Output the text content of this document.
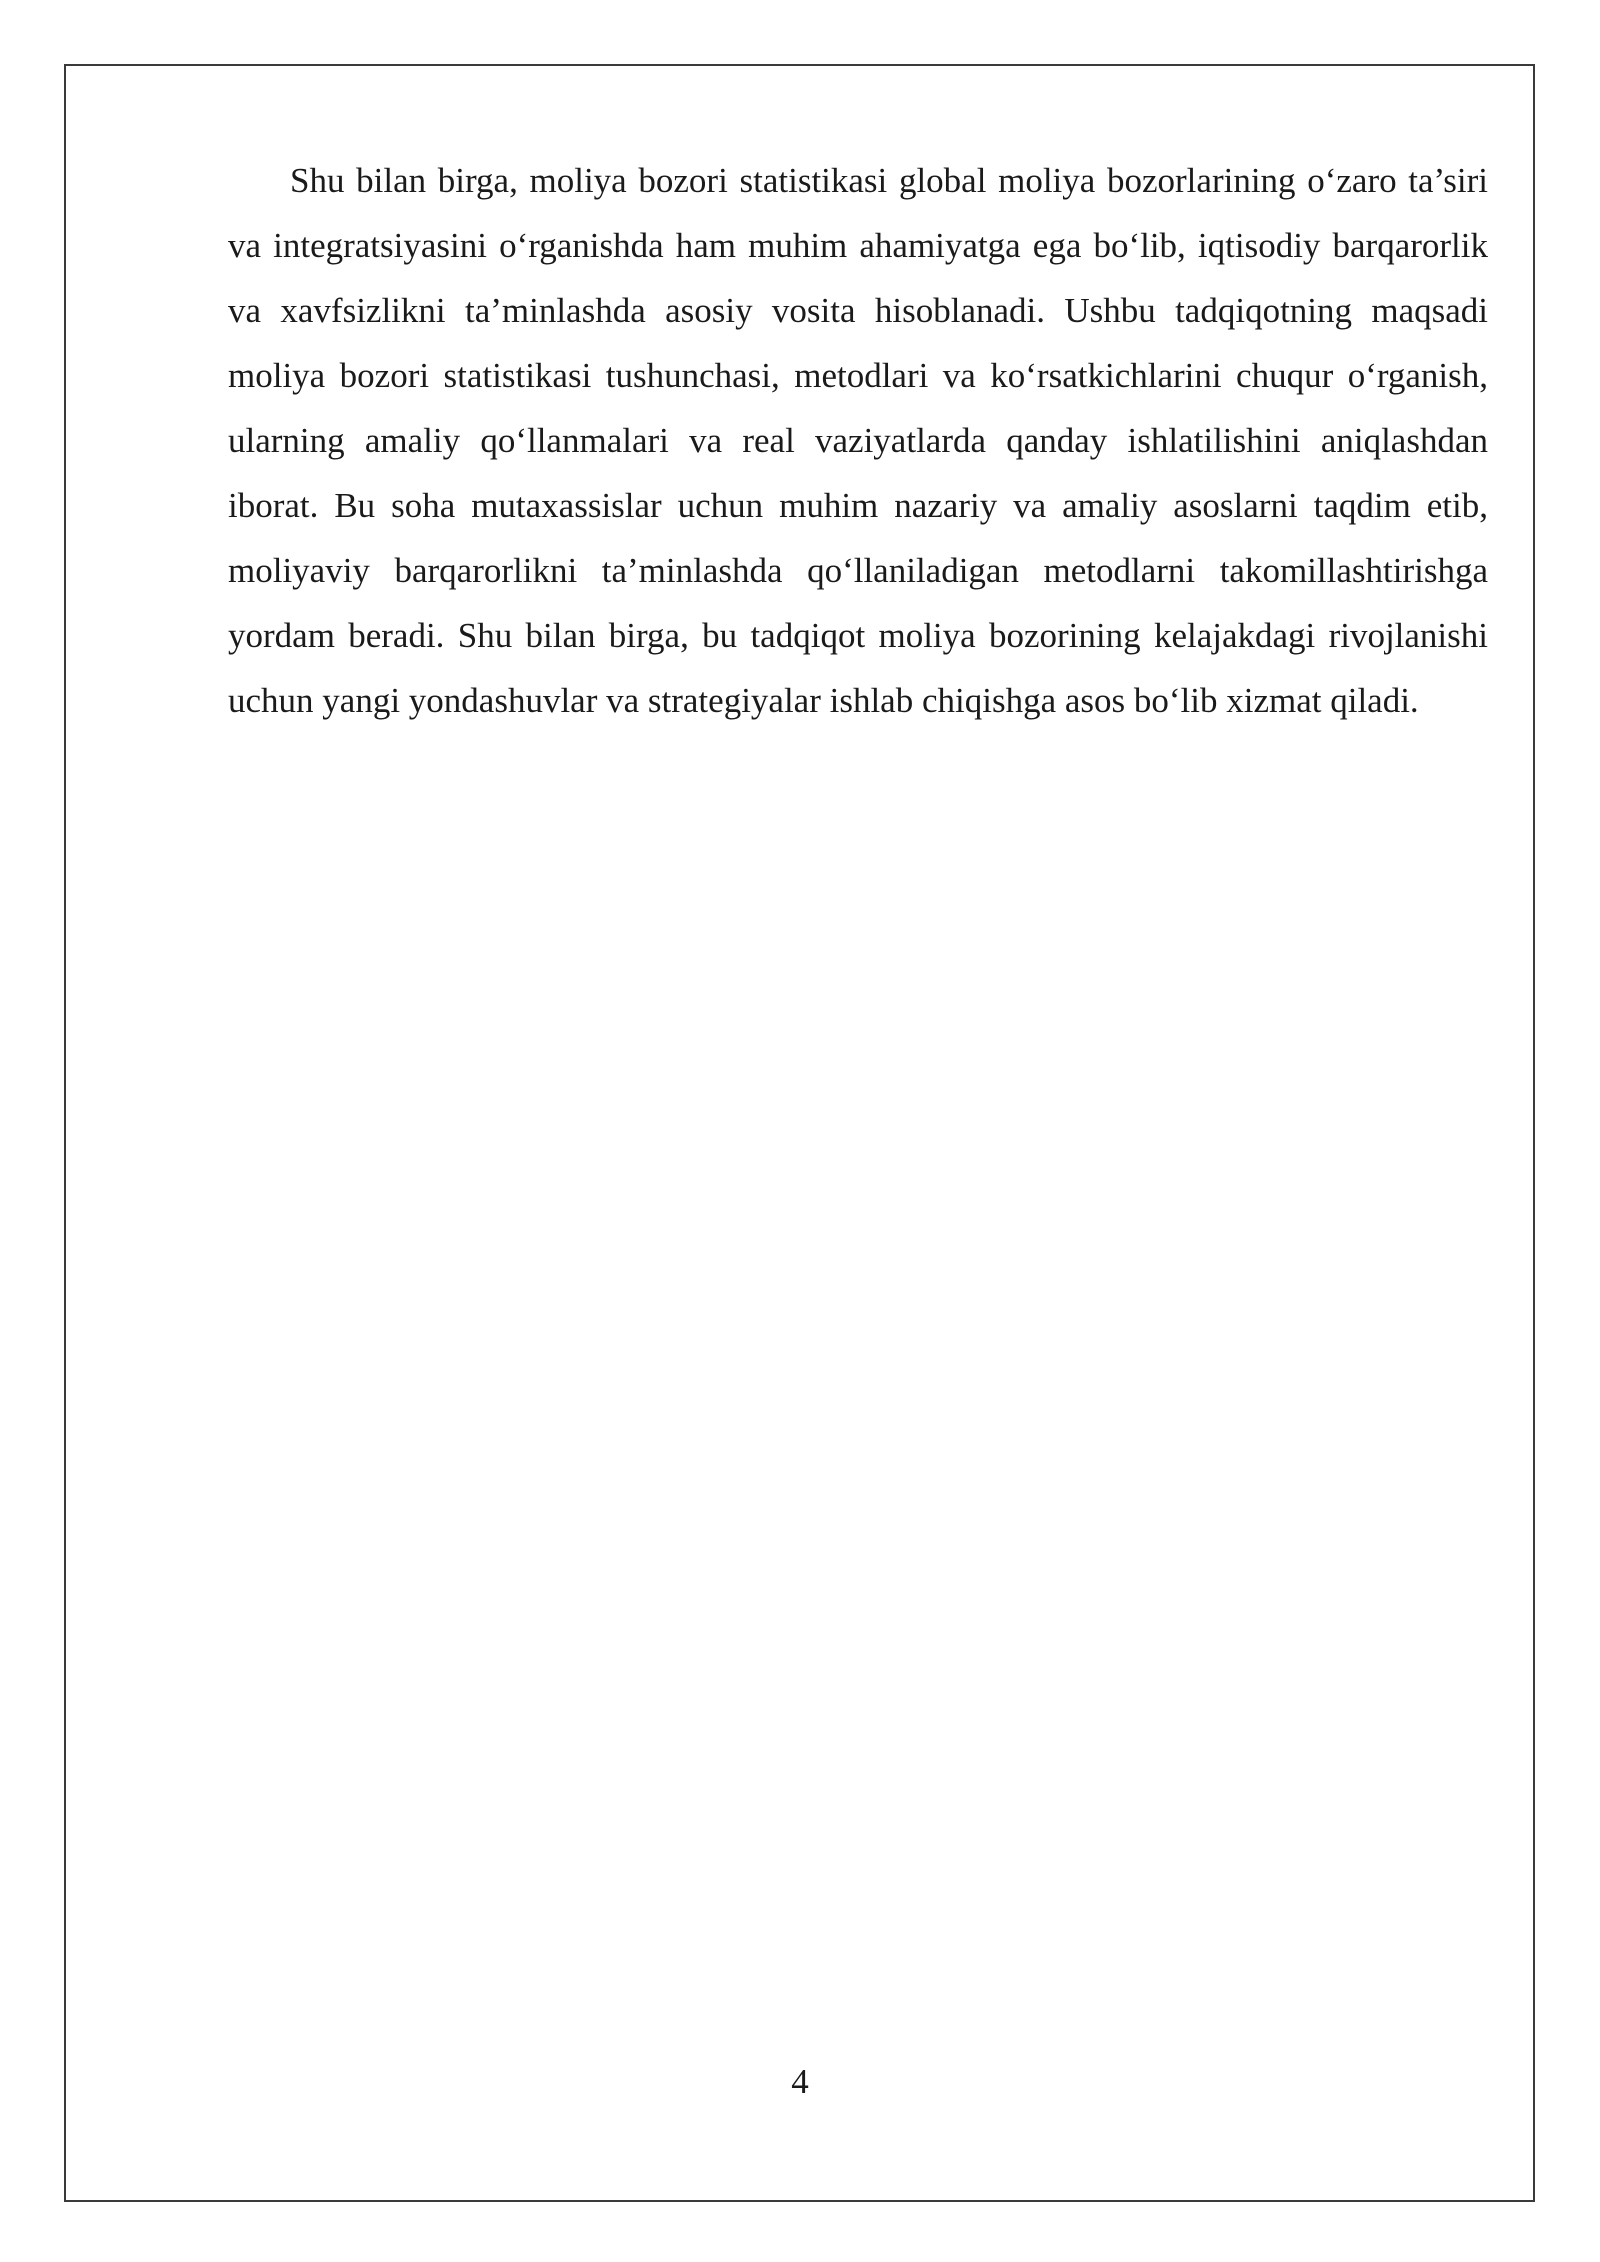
Shu bilan birga, moliya bozori statistikasi global moliya bozorlarining o‘zaro ta’siri va integratsiyasini o‘rganishda ham muhim ahamiyatga ega bo‘lib, iqtisodiy barqarorlik va xavfsizlikni ta’minlashda asosiy vosita hisoblanadi. Ushbu tadqiqotning maqsadi moliya bozori statistikasi tushunchasi, metodlari va ko‘rsatkichlarini chuqur o‘rganish, ularning amaliy qo‘llanmalari va real vaziyatlarda qanday ishlatilishini aniqlashdan iborat. Bu soha mutaxassislar uchun muhim nazariy va amaliy asoslarni taqdim etib, moliyaviy barqarorlikni ta’minlashda qo‘llaniladigan metodlarni takomillashtirishga yordam beradi. Shu bilan birga, bu tadqiqot moliya bozorining kelajakdagi rivojlanishi uchun yangi yondashuvlar va strategiyalar ishlab chiqishga asos bo‘lib xizmat qiladi.

4
